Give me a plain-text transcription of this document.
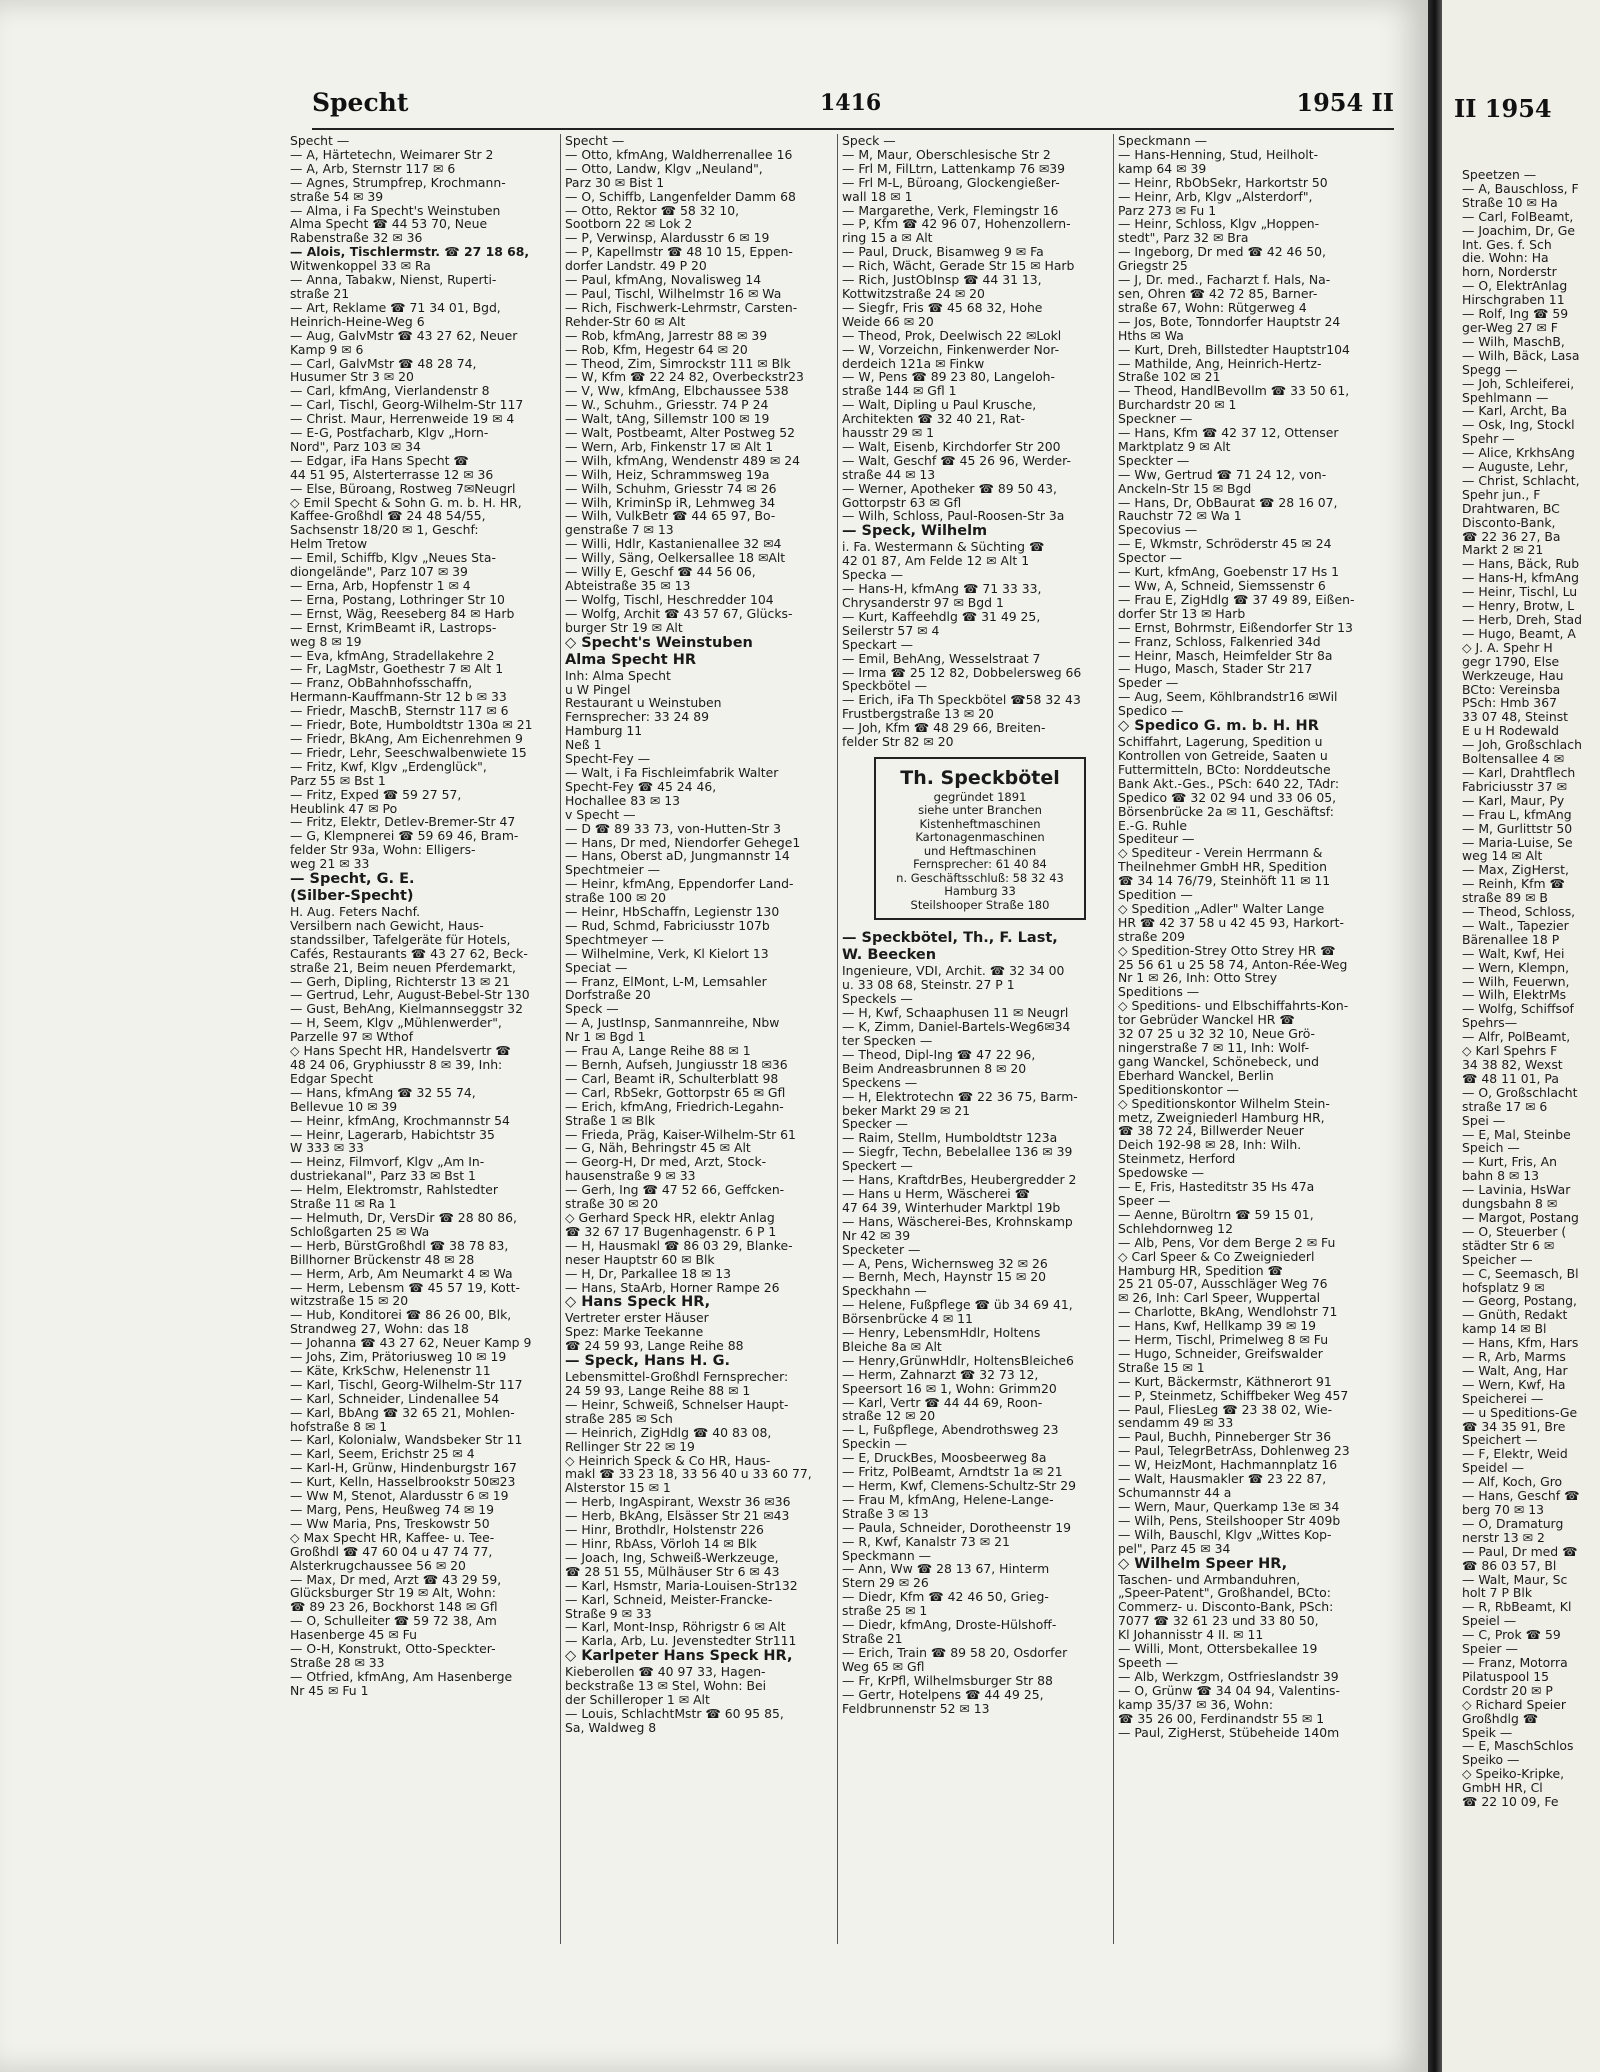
Specht	1416	1954 II
Specht —
— A, Härtetechn, Weimarer Str 2
— A, Arb, Sternstr 117 ✉ 6
— Agnes, Strumpfrep, Krochmann-
straße 54 ✉ 39
— Alma, i Fa Specht's Weinstuben
Alma Specht ☎ 44 53 70, Neue
Rabenstraße 32 ✉ 36
— Alois, Tischlermstr. ☎ 27 18 68,
Witwenkoppel 33 ✉ Ra
— Anna, Tabakw, Nienst, Ruperti-
straße 21
— Art, Reklame ☎ 71 34 01, Bgd,
Heinrich-Heine-Weg 6
— Aug, GalvMstr ☎ 43 27 62, Neuer
Kamp 9 ✉ 6
— Carl, GalvMstr ☎ 48 28 74,
Husumer Str 3 ✉ 20
— Carl, kfmAng, Vierlandenstr 8
— Carl, Tischl, Georg-Wilhelm-Str 117
— Christ. Maur, Herrenweide 19 ✉ 4
— E-G, Postfacharb, Klgv „Horn-
Nord", Parz 103 ✉ 34
— Edgar, iFa Hans Specht ☎
44 51 95, Alsterterrasse 12 ✉ 36
— Else, Büroang, Rostweg 7✉Neugrl
◇ Emil Specht & Sohn G. m. b. H. HR,
Kaffee-Großhdl ☎ 24 48 54/55,
Sachsenstr 18/20 ✉ 1, Geschf:
Helm Tretow
— Emil, Schiffb, Klgv „Neues Sta-
diongelände", Parz 107 ✉ 39
— Erna, Arb, Hopfenstr 1 ✉ 4
— Erna, Postang, Lothringer Str 10
— Ernst, Wäg, Reeseberg 84 ✉ Harb
— Ernst, KrimBeamt iR, Lastrops-
weg 8 ✉ 19
— Eva, kfmAng, Stradellakehre 2
— Fr, LagMstr, Goethestr 7 ✉ Alt 1
— Franz, ObBahnhofsschaffn,
Hermann-Kauffmann-Str 12 b ✉ 33
— Friedr, MaschB, Sternstr 117 ✉ 6
— Friedr, Bote, Humboldtstr 130a ✉ 21
— Friedr, BkAng, Am Eichenrehmen 9
— Friedr, Lehr, Seeschwalbenwiete 15
— Fritz, Kwf, Klgv „Erdenglück",
Parz 55 ✉ Bst 1
— Fritz, Exped ☎ 59 27 57,
Heublink 47 ✉ Po
— Fritz, Elektr, Detlev-Bremer-Str 47
— G, Klempnerei ☎ 59 69 46, Bram-
felder Str 93a, Wohn: Elligers-
weg 21 ✉ 33
— Specht, G. E.
(Silber-Specht)
H. Aug. Feters Nachf.
Versilbern nach Gewicht, Haus-
standssilber, Tafelgeräte für Hotels,
Cafés, Restaurants ☎ 43 27 62, Beck-
straße 21, Beim neuen Pferdemarkt,
— Gerh, Dipling, Richterstr 13 ✉ 21
— Gertrud, Lehr, August-Bebel-Str 130
— Gust, BehAng, Kielmannseggstr 32
— H, Seem, Klgv „Mühlenwerder",
Parzelle 97 ✉ Wthof
◇ Hans Specht HR, Handelsvertr ☎
48 24 06, Gryphiusstr 8 ✉ 39, Inh:
Edgar Specht
— Hans, kfmAng ☎ 32 55 74,
Bellevue 10 ✉ 39
— Heinr, kfmAng, Krochmannstr 54
— Heinr, Lagerarb, Habichtstr 35
W 333 ✉ 33
— Heinz, Filmvorf, Klgv „Am In-
dustriekanal", Parz 33 ✉ Bst 1
— Helm, Elektromstr, Rahlstedter
Straße 11 ✉ Ra 1
— Helmuth, Dr, VersDir ☎ 28 80 86,
Schloßgarten 25 ✉ Wa
— Herb, BürstGroßhdl ☎ 38 78 83,
Billhorner Brückenstr 48 ✉ 28
— Herm, Arb, Am Neumarkt 4 ✉ Wa
— Herm, Lebensm ☎ 45 57 19, Kott-
witzstraße 15 ✉ 20
— Hub, Konditorei ☎ 86 26 00, Blk,
Strandweg 27, Wohn: das 18
— Johanna ☎ 43 27 62, Neuer Kamp 9
— Johs, Zim, Prätoriusweg 10 ✉ 19
— Käte, KrkSchw, Helenenstr 11
— Karl, Tischl, Georg-Wilhelm-Str 117
— Karl, Schneider, Lindenallee 54
— Karl, BbAng ☎ 32 65 21, Mohlen-
hofstraße 8 ✉ 1
— Karl, Kolonialw, Wandsbeker Str 11
— Karl, Seem, Erichstr 25 ✉ 4
— Karl-H, Grünw, Hindenburgstr 167
— Kurt, Kelln, Hasselbrookstr 50✉23
— Ww M, Stenot, Alardusstr 6 ✉ 19
— Marg, Pens, Heußweg 74 ✉ 19
— Ww Maria, Pns, Treskowstr 50
◇ Max Specht HR, Kaffee- u. Tee-
Großhdl ☎ 47 60 04 u 47 74 77,
Alsterkrugchaussee 56 ✉ 20
— Max, Dr med, Arzt ☎ 43 29 59,
Glücksburger Str 19 ✉ Alt, Wohn:
☎ 89 23 26, Bockhorst 148 ✉ Gfl
— O, Schulleiter ☎ 59 72 38, Am
Hasenberge 45 ✉ Fu
— O-H, Konstrukt, Otto-Speckter-
Straße 28 ✉ 33
— Otfried, kfmAng, Am Hasenberge
Nr 45 ✉ Fu 1
Specht —
— Otto, kfmAng, Waldherrenallee 16
— Otto, Landw, Klgv „Neuland",
Parz 30 ✉ Bist 1
— O, Schiffb, Langenfelder Damm 68
— Otto, Rektor ☎ 58 32 10,
Sootborn 22 ✉ Lok 2
— P, Verwinsp, Alardusstr 6 ✉ 19
— P, Kapellmstr ☎ 48 10 15, Eppen-
dorfer Landstr. 49 P 20
— Paul, kfmAng, Novalisweg 14
— Paul, Tischl, Wilhelmstr 16 ✉ Wa
— Rich, Fischwerk-Lehrmstr, Carsten-
Rehder-Str 60 ✉ Alt
— Rob, kfmAng, Jarrestr 88 ✉ 39
— Rob, Kfm, Hegestr 64 ✉ 20
— Theod, Zim, Simrockstr 111 ✉ Blk
— W, Kfm ☎ 22 24 82, Overbeckstr23
— V, Ww, kfmAng, Elbchaussee 538
— W., Schuhm., Griesstr. 74 P 24
— Walt, tAng, Sillemstr 100 ✉ 19
— Walt, Postbeamt, Alter Postweg 52
— Wern, Arb, Finkenstr 17 ✉ Alt 1
— Wilh, kfmAng, Wendenstr 489 ✉ 24
— Wilh, Heiz, Schrammsweg 19a
— Wilh, Schuhm, Griesstr 74 ✉ 26
— Wilh, KriminSp iR, Lehmweg 34
— Wilh, VulkBetr ☎ 44 65 97, Bo-
genstraße 7 ✉ 13
— Willi, Hdlr, Kastanienallee 32 ✉4
— Willy, Säng, Oelkersallee 18 ✉Alt
— Willy E, Geschf ☎ 44 56 06,
Abteistraße 35 ✉ 13
— Wolfg, Tischl, Heschredder 104
— Wolfg, Archit ☎ 43 57 67, Glücks-
burger Str 19 ✉ Alt
◇ Specht's Weinstuben
Alma Specht HR
Inh: Alma Specht
u W Pingel
Restaurant u Weinstuben
Fernsprecher: 33 24 89
Hamburg 11
Neß 1
Specht-Fey —
— Walt, i Fa Fischleimfabrik Walter
Specht-Fey ☎ 45 24 46,
Hochallee 83 ✉ 13
v Specht —
— D ☎ 89 33 73, von-Hutten-Str 3
— Hans, Dr med, Niendorfer Gehege1
— Hans, Oberst aD, Jungmannstr 14
Spechtmeier —
— Heinr, kfmAng, Eppendorfer Land-
straße 100 ✉ 20
— Heinr, HbSchaffn, Legienstr 130
— Rud, Schmd, Fabriciusstr 107b
Spechtmeyer —
— Wilhelmine, Verk, Kl Kielort 13
Speciat —
— Franz, ElMont, L-M, Lemsahler
Dorfstraße 20
Speck —
— A, JustInsp, Sanmannreihe, Nbw
Nr 1 ✉ Bgd 1
— Frau A, Lange Reihe 88 ✉ 1
— Bernh, Aufseh, Jungiusstr 18 ✉36
— Carl, Beamt iR, Schulterblatt 98
— Carl, RbSekr, Gottorpstr 65 ✉ Gfl
— Erich, kfmAng, Friedrich-Legahn-
Straße 1 ✉ Blk
— Frieda, Präg, Kaiser-Wilhelm-Str 61
— G, Näh, Behringstr 45 ✉ Alt
— Georg-H, Dr med, Arzt, Stock-
hausenstraße 9 ✉ 33
— Gerh, Ing ☎ 47 52 66, Geffcken-
straße 30 ✉ 20
◇ Gerhard Speck HR, elektr Anlag
☎ 32 67 17 Bugenhagenstr. 6 P 1
— H, Hausmakl ☎ 86 03 29, Blanke-
neser Hauptstr 60 ✉ Blk
— H, Dr, Parkallee 18 ✉ 13
— Hans, StaArb, Horner Rampe 26
◇ Hans Speck HR,
Vertreter erster Häuser
Spez: Marke Teekanne
☎ 24 59 93, Lange Reihe 88
— Speck, Hans H. G.
Lebensmittel-Großhdl Fernsprecher:
24 59 93, Lange Reihe 88 ✉ 1
— Heinr, Schweiß, Schnelser Haupt-
straße 285 ✉ Sch
— Heinrich, ZigHdlg ☎ 40 83 08,
Rellinger Str 22 ✉ 19
◇ Heinrich Speck & Co HR, Haus-
makl ☎ 33 23 18, 33 56 40 u 33 60 77,
Alsterstor 15 ✉ 1
— Herb, IngAspirant, Wexstr 36 ✉36
— Herb, BkAng, Elsässer Str 21 ✉43
— Hinr, Brothdlr, Holstenstr 226
— Hinr, RbAss, Vörloh 14 ✉ Blk
— Joach, Ing, Schweiß-Werkzeuge,
☎ 28 51 55, Mülhäuser Str 6 ✉ 43
— Karl, Hsmstr, Maria-Louisen-Str132
— Karl, Schneid, Meister-Francke-
Straße 9 ✉ 33
— Karl, Mont-Insp, Röhrigstr 6 ✉ Alt
— Karla, Arb, Lu. Jevenstedter Str111
◇ Karlpeter Hans Speck HR,
Kieberollen ☎ 40 97 33, Hagen-
beckstraße 13 ✉ Stel, Wohn: Bei
der Schilleroper 1 ✉ Alt
— Louis, SchlachtMstr ☎ 60 95 85,
Sa, Waldweg 8
Speck —
— M, Maur, Oberschlesische Str 2
— Frl M, FilLtrn, Lattenkamp 76 ✉39
— Frl M-L, Büroang, Glockengießer-
wall 18 ✉ 1
— Margarethe, Verk, Flemingstr 16
— P, Kfm ☎ 42 96 07, Hohenzollern-
ring 15 a ✉ Alt
— Paul, Druck, Bisamweg 9 ✉ Fa
— Rich, Wächt, Gerade Str 15 ✉ Harb
— Rich, JustObInsp ☎ 44 31 13,
Kottwitzstraße 24 ✉ 20
— Siegfr, Fris ☎ 45 68 32, Hohe
Weide 66 ✉ 20
— Theod, Prok, Deelwisch 22 ✉Lokl
— W, Vorzeichn, Finkenwerder Nor-
derdeich 121a ✉ Finkw
— W, Pens ☎ 89 23 80, Langeloh-
straße 144 ✉ Gfl 1
— Walt, Dipling u Paul Krusche,
Architekten ☎ 32 40 21, Rat-
hausstr 29 ✉ 1
— Walt, Eisenb, Kirchdorfer Str 200
— Walt, Geschf ☎ 45 26 96, Werder-
straße 44 ✉ 13
— Werner, Apotheker ☎ 89 50 43,
Gottorpstr 63 ✉ Gfl
— Wilh, Schloss, Paul-Roosen-Str 3a
— Speck, Wilhelm
i. Fa. Westermann & Süchting ☎
42 01 87, Am Felde 12 ✉ Alt 1
Specka —
— Hans-H, kfmAng ☎ 71 33 33,
Chrysanderstr 97 ✉ Bgd 1
— Kurt, Kaffeehdlg ☎ 31 49 25,
Seilerstr 57 ✉ 4
Speckart —
— Emil, BehAng, Wesselstraat 7
— Irma ☎ 25 12 82, Dobbelersweg 66
Speckbötel —
— Erich, iFa Th Speckbötel ☎58 32 43
Frustbergstraße 13 ✉ 20
— Joh, Kfm ☎ 48 29 66, Breiten-
felder Str 82 ✉ 20
Th. Speckbötel
gegründet 1891
siehe unter Branchen
Kistenheftmaschinen
Kartonagenmaschinen
und Heftmaschinen
Fernsprecher: 61 40 84
n. Geschäftsschluß: 58 32 43
Hamburg 33
Steilshooper Straße 180
— Speckbötel, Th., F. Last,
W. Beecken
Ingenieure, VDI, Archit. ☎ 32 34 00
u. 33 08 68, Steinstr. 27 P 1
Speckels —
— H, Kwf, Schaaphusen 11 ✉ Neugrl
— K, Zimm, Daniel-Bartels-Weg6✉34
ter Specken —
— Theod, Dipl-Ing ☎ 47 22 96,
Beim Andreasbrunnen 8 ✉ 20
Speckens —
— H, Elektrotechn ☎ 22 36 75, Barm-
beker Markt 29 ✉ 21
Specker —
— Raim, Stellm, Humboldtstr 123a
— Siegfr, Techn, Bebelallee 136 ✉ 39
Speckert —
— Hans, KraftdrBes, Heubergredder 2
— Hans u Herm, Wäscherei ☎
47 64 39, Winterhuder Marktpl 19b
— Hans, Wäscherei-Bes, Krohnskamp
Nr 42 ✉ 39
Specketer —
— A, Pens, Wichernsweg 32 ✉ 26
— Bernh, Mech, Haynstr 15 ✉ 20
Speckhahn —
— Helene, Fußpflege ☎ üb 34 69 41,
Börsenbrücke 4 ✉ 11
— Henry, LebensmHdlr, Holtens
Bleiche 8a ✉ Alt
— Henry,GrünwHdlr, HoltensBleiche6
— Herm, Zahnarzt ☎ 32 73 12,
Speersort 16 ✉ 1, Wohn: Grimm20
— Karl, Vertr ☎ 44 44 69, Roon-
straße 12 ✉ 20
— L, Fußpflege, Abendrothsweg 23
Speckin —
— E, DruckBes, Moosbeerweg 8a
— Fritz, PolBeamt, Arndtstr 1a ✉ 21
— Herm, Kwf, Clemens-Schultz-Str 29
— Frau M, kfmAng, Helene-Lange-
Straße 3 ✉ 13
— Paula, Schneider, Dorotheenstr 19
— R, Kwf, Kanalstr 73 ✉ 21
Speckmann —
— Ann, Ww ☎ 28 13 67, Hinterm
Stern 29 ✉ 26
— Diedr, Kfm ☎ 42 46 50, Grieg-
straße 25 ✉ 1
— Diedr, kfmAng, Droste-Hülshoff-
Straße 21
— Erich, Train ☎ 89 58 20, Osdorfer
Weg 65 ✉ Gfl
— Fr, KrPfl, Wilhelmsburger Str 88
— Gertr, Hotelpens ☎ 44 49 25,
Feldbrunnenstr 52 ✉ 13
Speckmann —
— Hans-Henning, Stud, Heilholt-
kamp 64 ✉ 39
— Heinr, RbObSekr, Harkortstr 50
— Heinr, Arb, Klgv „Alsterdorf",
Parz 273 ✉ Fu 1
— Heinr, Schloss, Klgv „Hoppen-
stedt", Parz 32 ✉ Bra
— Ingeborg, Dr med ☎ 42 46 50,
Griegstr 25
— J, Dr. med., Facharzt f. Hals, Na-
sen, Ohren ☎ 42 72 85, Barner-
straße 67, Wohn: Rütgerweg 4
— Jos, Bote, Tonndorfer Hauptstr 24
Hths ✉ Wa
— Kurt, Dreh, Billstedter Hauptstr104
— Mathilde, Ang, Heinrich-Hertz-
Straße 102 ✉ 21
— Theod, HandlBevollm ☎ 33 50 61,
Burchardstr 20 ✉ 1
Speckner —
— Hans, Kfm ☎ 42 37 12, Ottenser
Marktplatz 9 ✉ Alt
Speckter —
— Ww, Gertrud ☎ 71 24 12, von-
Anckeln-Str 15 ✉ Bgd
— Hans, Dr, ObBaurat ☎ 28 16 07,
Rauchstr 72 ✉ Wa 1
Specovius —
— E, Wkmstr, Schröderstr 45 ✉ 24
Spector —
— Kurt, kfmAng, Goebenstr 17 Hs 1
— Ww, A, Schneid, Siemssenstr 6
— Frau E, ZigHdlg ☎ 37 49 89, Eißen-
dorfer Str 13 ✉ Harb
— Ernst, Bohrmstr, Eißendorfer Str 13
— Franz, Schloss, Falkenried 34d
— Heinr, Masch, Heimfelder Str 8a
— Hugo, Masch, Stader Str 217
Speder —
— Aug, Seem, Köhlbrandstr16 ✉Wil
Spedico —
◇ Spedico G. m. b. H. HR
Schiffahrt, Lagerung, Spedition u
Kontrollen von Getreide, Saaten u
Futtermitteln, BCto: Norddeutsche
Bank Akt.-Ges., PSch: 640 22, TAdr:
Spedico ☎ 32 02 94 und 33 06 05,
Börsenbrücke 2a ✉ 11, Geschäftsf:
E.-G. Ruhle
Spediteur —
◇ Spediteur - Verein Herrmann &
Theilnehmer GmbH HR, Spedition
☎ 34 14 76/79, Steinhöft 11 ✉ 11
Spedition —
◇ Spedition „Adler" Walter Lange
HR ☎ 42 37 58 u 42 45 93, Harkort-
straße 209
◇ Spedition-Strey Otto Strey HR ☎
25 56 61 u 25 58 74, Anton-Rée-Weg
Nr 1 ✉ 26, Inh: Otto Strey
Speditions —
◇ Speditions- und Elbschiffahrts-Kon-
tor Gebrüder Wanckel HR ☎
32 07 25 u 32 32 10, Neue Grö-
ningerstraße 7 ✉ 11, Inh: Wolf-
gang Wanckel, Schönebeck, und
Eberhard Wanckel, Berlin
Speditionskontor —
◇ Speditionskontor Wilhelm Stein-
metz, Zweigniederl Hamburg HR,
☎ 38 72 24, Billwerder Neuer
Deich 192-98 ✉ 28, Inh: Wilh.
Steinmetz, Herford
Spedowske —
— E, Fris, Hasteditstr 35 Hs 47a
Speer —
— Aenne, Büroltrn ☎ 59 15 01,
Schlehdornweg 12
— Alb, Pens, Vor dem Berge 2 ✉ Fu
◇ Carl Speer & Co Zweigniederl
Hamburg HR, Spedition ☎
25 21 05-07, Ausschläger Weg 76
✉ 26, Inh: Carl Speer, Wuppertal
— Charlotte, BkAng, Wendlohstr 71
— Hans, Kwf, Hellkamp 39 ✉ 19
— Herm, Tischl, Primelweg 8 ✉ Fu
— Hugo, Schneider, Greifswalder
Straße 15 ✉ 1
— Kurt, Bäckermstr, Käthnerort 91
— P, Steinmetz, Schiffbeker Weg 457
— Paul, FliesLeg ☎ 23 38 02, Wie-
sendamm 49 ✉ 33
— Paul, Buchh, Pinneberger Str 36
— Paul, TelegrBetrAss, Dohlenweg 23
— W, HeizMont, Hachmannplatz 16
— Walt, Hausmakler ☎ 23 22 87,
Schumannstr 44 a
— Wern, Maur, Querkamp 13e ✉ 34
— Wilh, Pens, Steilshooper Str 409b
— Wilh, Bauschl, Klgv „Wittes Kop-
pel", Parz 45 ✉ 34
◇ Wilhelm Speer HR,
Taschen- und Armbanduhren,
„Speer-Patent", Großhandel, BCto:
Commerz- u. Disconto-Bank, PSch:
7077 ☎ 32 61 23 und 33 80 50,
Kl Johannisstr 4 II. ✉ 11
— Willi, Mont, Ottersbekallee 19
Speeth —
— Alb, Werkzgm, Ostfrieslandstr 39
— O, Grünw ☎ 34 04 94, Valentins-
kamp 35/37 ✉ 36, Wohn:
☎ 35 26 00, Ferdinandstr 55 ✉ 1
— Paul, ZigHerst, Stübeheide 140m
II 1954
Speetzen —
— A, Bauschloss, F
Straße 10 ✉ Ha
— Carl, FolBeamt,
— Joachim, Dr, Ge
Int. Ges. f. Sch
die. Wohn: Ha
horn, Norderstr
— O, ElektrAnlag
Hirschgraben 11
— Rolf, Ing ☎ 59
ger-Weg 27 ✉ F
— Wilh, MaschB,
— Wilh, Bäck, Lasa
Spegg —
— Joh, Schleiferei,
Spehlmann —
— Karl, Archt, Ba
— Osk, Ing, Stockl
Spehr —
— Alice, KrkhsAng
— Auguste, Lehr,
— Christ, Schlacht,
Spehr jun., F
Drahtwaren, BC
Disconto-Bank,
☎ 22 36 27, Ba
Markt 2 ✉ 21
— Hans, Bäck, Rub
— Hans-H, kfmAng
— Heinr, Tischl, Lu
— Henry, Brotw, L
— Herb, Dreh, Stad
— Hugo, Beamt, A
◇ J. A. Spehr H
gegr 1790, Else
Werkzeuge, Hau
BCto: Vereinsba
PSch: Hmb 367
33 07 48, Steinst
E u H Rodewald
— Joh, Großschlach
Boltensallee 4 ✉
— Karl, Drahtflech
Fabriciusstr 37 ✉
— Karl, Maur, Py
— Frau L, kfmAng
— M, Gurlittstr 50
— Maria-Luise, Se
weg 14 ✉ Alt
— Max, ZigHerst,
— Reinh, Kfm ☎
straße 89 ✉ B
— Theod, Schloss,
— Walt., Tapezier
Bärenallee 18 P
— Walt, Kwf, Hei
— Wern, Klempn,
— Wilh, Feuerwn,
— Wilh, ElektrMs
— Wolfg, Schiffsof
Spehrs—
— Alfr, PolBeamt,
◇ Karl Spehrs F
34 38 82, Wexst
☎ 48 11 01, Pa
— O, Großschlacht
straße 17 ✉ 6
Spei —
— E, Mal, Steinbe
Speich —
— Kurt, Fris, An
bahn 8 ✉ 13
— Lavinia, HsWar
dungsbahn 8 ✉
— Margot, Postang
— O, Steuerber (
städter Str 6 ✉
Speicher —
— C, Seemasch, Bl
hofsplatz 9 ✉
— Georg, Postang,
— Gnüth, Redakt
kamp 14 ✉ Bl
— Hans, Kfm, Hars
— R, Arb, Marms
— Walt, Ang, Har
— Wern, Kwf, Ha
Speicherei —
— u Speditions-Ge
☎ 34 35 91, Bre
Speichert —
— F, Elektr, Weid
Speidel —
— Alf, Koch, Gro
— Hans, Geschf ☎
berg 70 ✉ 13
— O, Dramaturg
nerstr 13 ✉ 2
— Paul, Dr med ☎
☎ 86 03 57, Bl
— Walt, Maur, Sc
holt 7 P Blk
— R, RbBeamt, Kl
Speiel —
— C, Prok ☎ 59
Speier —
— Franz, Motorra
Pilatuspool 15
Cordstr 20 ✉ P
◇ Richard Speier
Großhdlg ☎
Speik —
— E, MaschSchlos
Speiko —
◇ Speiko-Kripke,
GmbH HR, Cl
☎ 22 10 09, Fe
